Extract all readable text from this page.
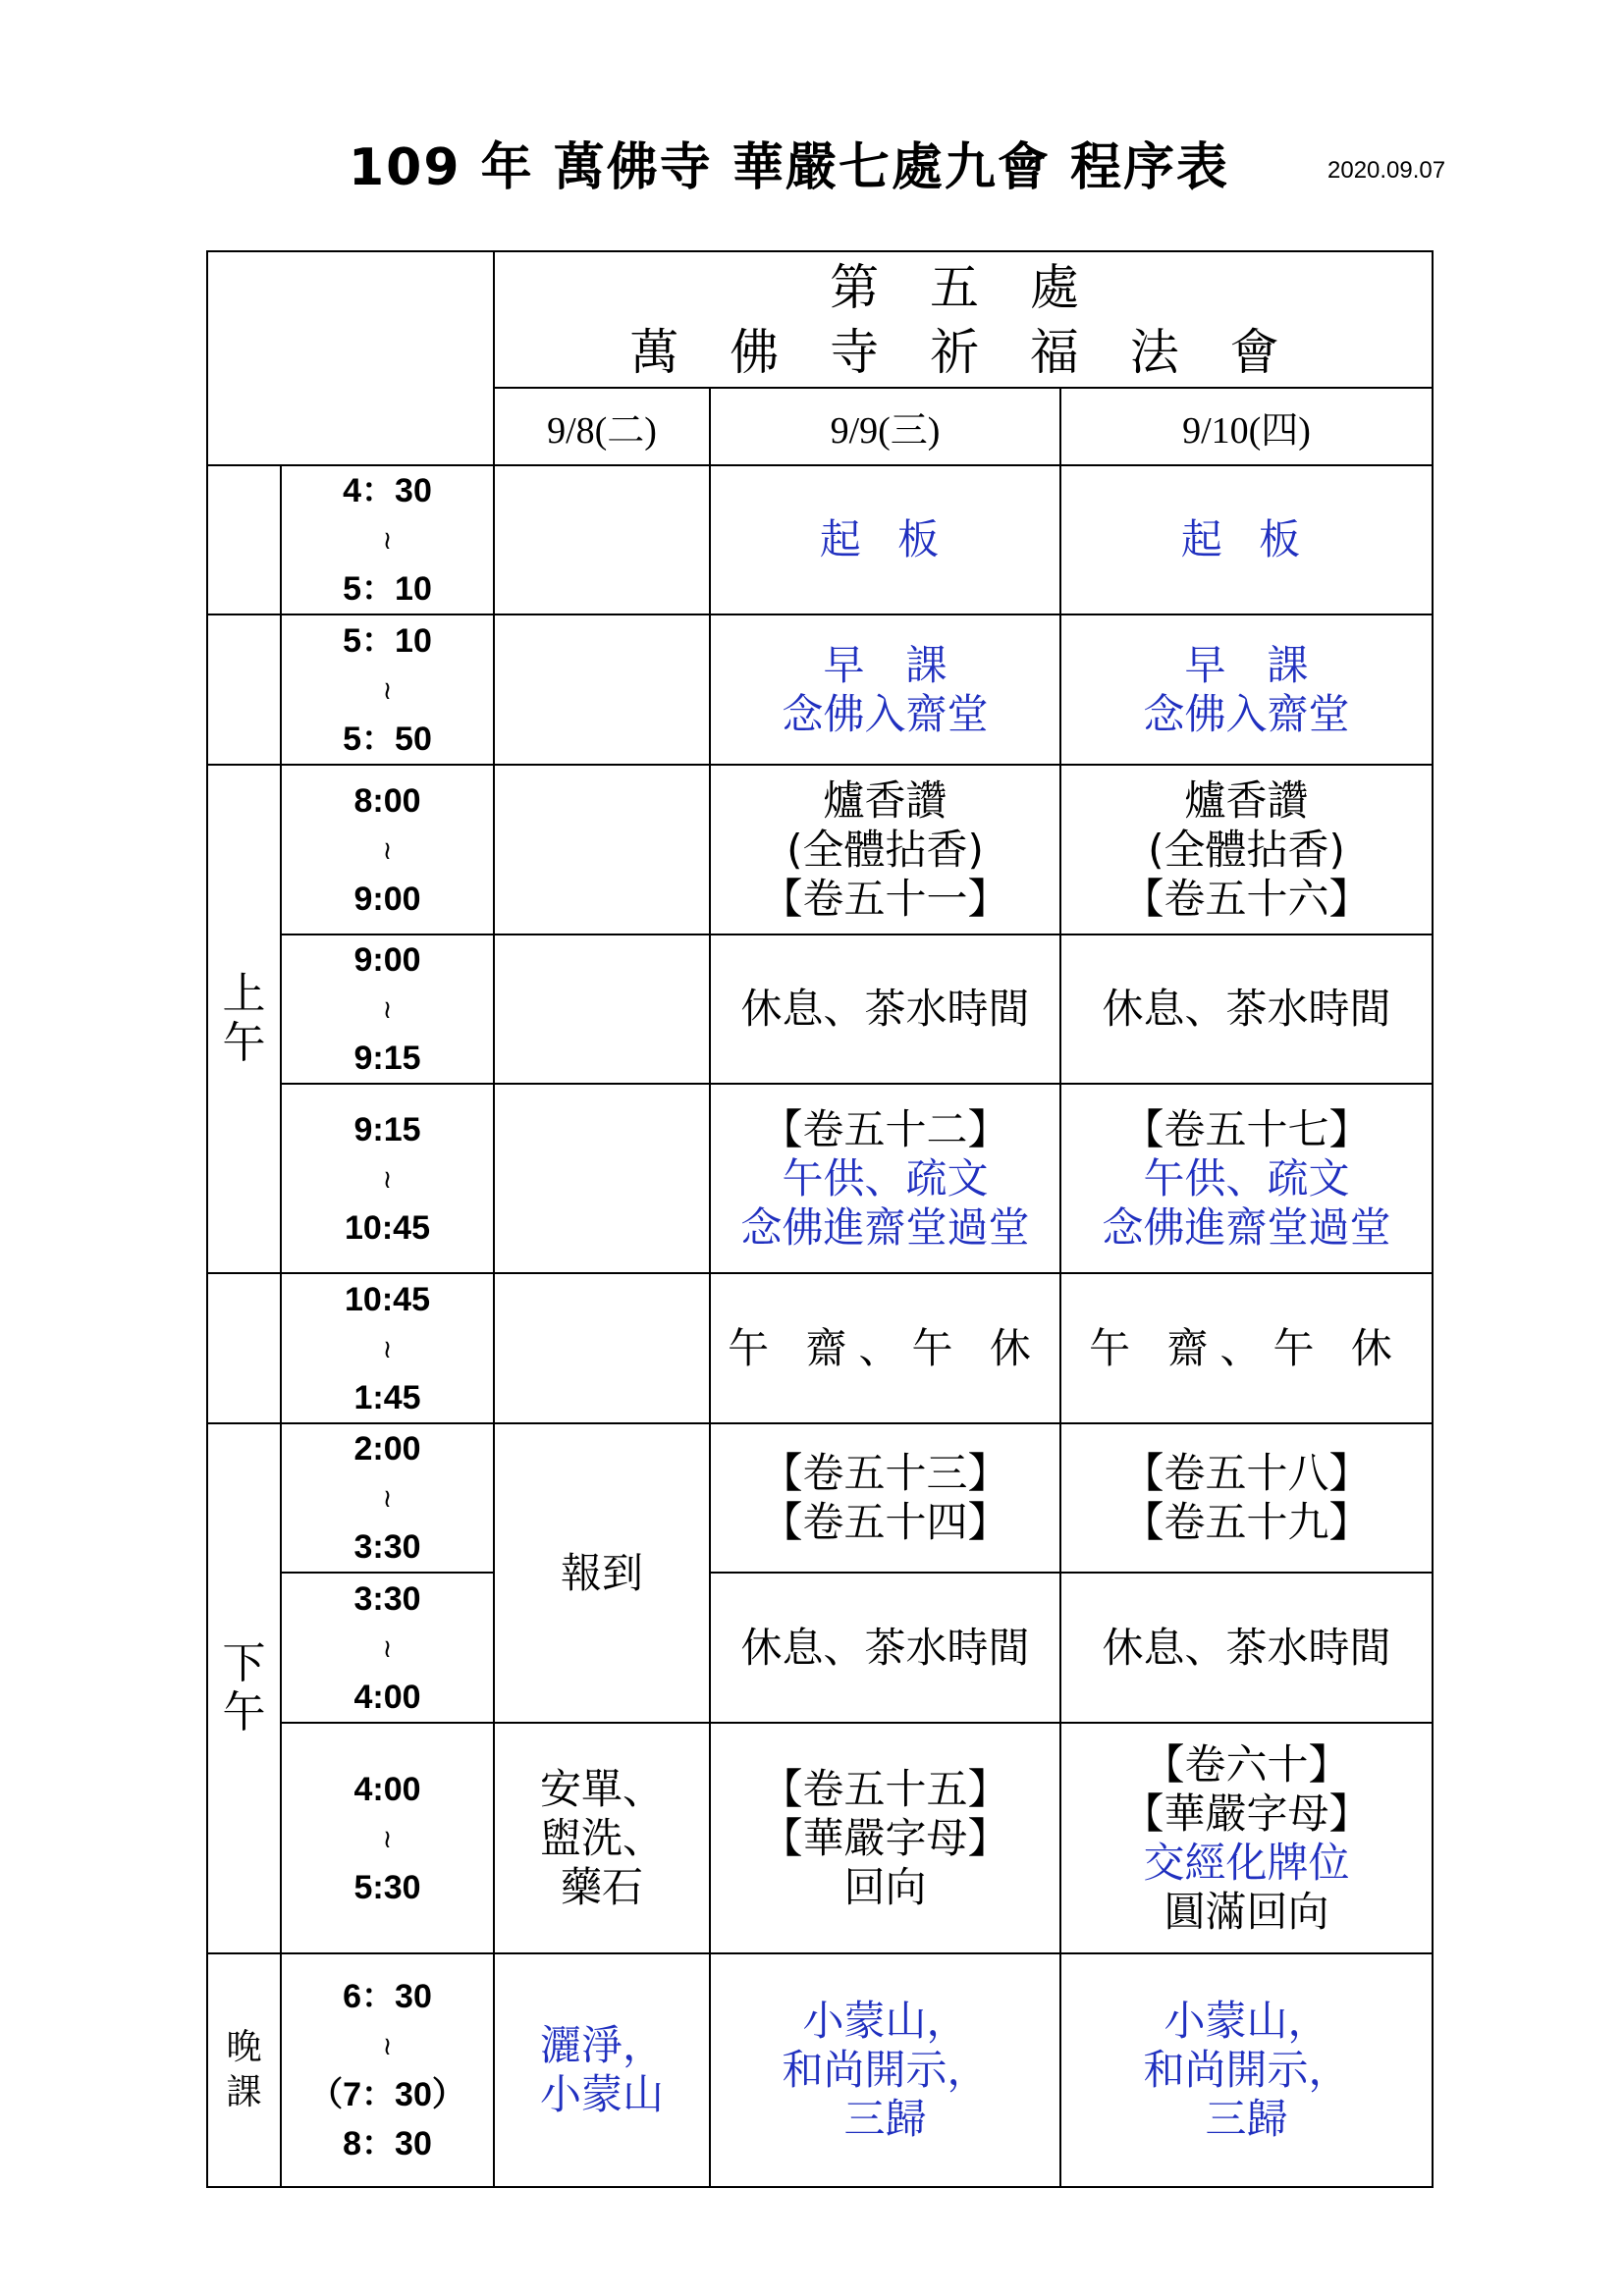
109 年 萬佛寺 華嚴七處九會 程序表	2020.09.07

		第 五 處
萬 佛 寺 祈 福 法 會		

		9/8(二)	9/9(三)	9/10(四)

	4：30
≀
5：10		起 板	起 板

	5：10
≀
5：50		早　課
念佛入齋堂	早　課
念佛入齋堂

上午	8:00
≀
9:00		爐香讚
(全體拈香)
【卷五十一】	爐香讚
(全體拈香)
【卷五十六】

	9:00
≀
9:15		休息、茶水時間	休息、茶水時間

	9:15
≀
10:45		【卷五十二】
午供、疏文
念佛進齋堂過堂	【卷五十七】
午供、疏文
念佛進齋堂過堂

	10:45
≀
1:45		午 齋、午 休	午 齋、午 休
下午	2:00
≀
3:30	報到	【卷五十三】
【卷五十四】	【卷五十八】
【卷五十九】

	3:30
≀
4:00		休息、茶水時間	休息、茶水時間

	4:00
≀
5:30	安單、
盥洗、
藥石	【卷五十五】
【華嚴字母】
回向	【卷六十】
【華嚴字母】
交經化牌位
圓滿回向

晚課	6：30
≀
（7：30）
8：30	灑淨，
小蒙山	小蒙山，
和尚開示，
三歸	小蒙山，
和尚開示，
三歸
